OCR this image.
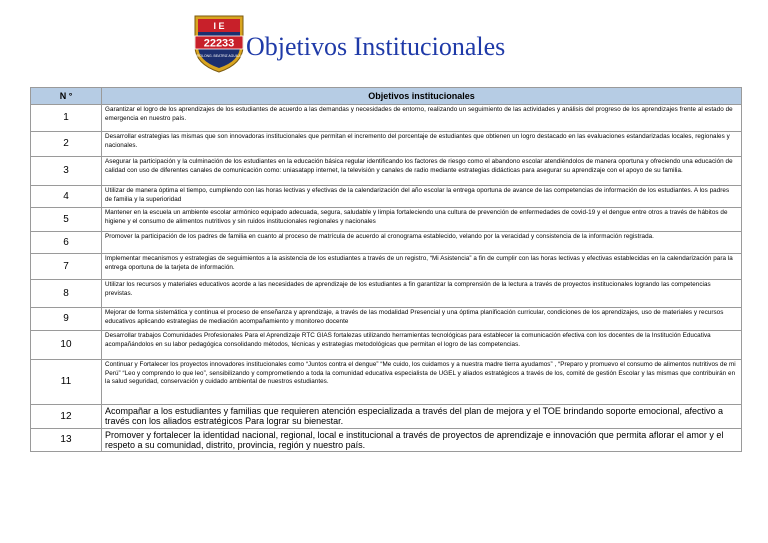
I E
22233
PROLONG. BEATRIZ AGUILAR Objetivos Institucionales
N °	Objetivos institucionales
1	Garantizar el logro de los aprendizajes de los estudiantes de acuerdo a las demandas y necesidades de entorno, realizando un seguimiento de las actividades y análisis del progreso de los aprendizajes frente al estado de emergencia en nuestro país.
2	Desarrollar estrategias las mismas que son innovadoras institucionales que permitan el incremento del porcentaje de estudiantes que obtienen un logro destacado en las evaluaciones estandarizadas locales, regionales y nacionales.
3	Asegurar la participación y la culminación de los estudiantes en la educación básica regular identificando los factores de riesgo como el abandono escolar atendiéndolos de manera oportuna y ofreciendo una educación de calidad con uso de diferentes canales de comunicación como: uniasatapp internet, la televisión y canales de radio mediante estrategias didácticas para asegurar su aprendizaje con el apoyo de su familia.
4	Utilizar de manera óptima el tiempo, cumpliendo con las horas lectivas y efectivas de la calendarización del año escolar la entrega oportuna de avance de las competencias de información de los estudiantes. A los padres de familia y la superioridad
5	Mantener en la escuela un ambiente escolar armónico equipado adecuada, segura, saludable y limpia fortaleciendo una cultura de prevención de enfermedades de covid-19 y el dengue entre otros a través de hábitos de higiene y el consumo de alimentos nutritivos y sin ruidos institucionales regionales y nacionales
6	Promover la participación de los padres de familia en cuanto al proceso de matrícula de acuerdo al cronograma establecido, velando por la veracidad y consistencia de la información registrada.
7	Implementar mecanismos y estrategias de seguimientos a la asistencia de los estudiantes a través de un registro, “Mi Asistencia” a fin de cumplir con las horas lectivas y efectivas establecidas en la calendarización para la entrega oportuna de la tarjeta de información.
8	Utilizar los recursos y materiales educativos acorde a las necesidades de aprendizaje de los estudiantes a fin garantizar la comprensión de la lectura a través de proyectos institucionales logrando las competencias previstas.
9	Mejorar de forma sistemática y continua el proceso de enseñanza y aprendizaje, a través de las modalidad Presencial y una óptima planificación curricular, condiciones de los aprendizajes, uso de materiales y recursos educativos aplicando estrategias de mediación acompañamiento y monitoreo docente
10	Desarrollar trabajos Comunidades Profesionales Para el Aprendizaje RTC GIAS fortalezas utilizando herramientas tecnológicas para establecer la comunicación efectiva con los docentes de la Institución Educativa acompañándolos en su labor pedagógica consolidando métodos, técnicas y estrategias metodológicas que permitan el logro de las competencias.
11	Continuar y Fortalecer los proyectos innovadores institucionales como “Juntos contra el dengue” “Me cuido, los cuidamos y a nuestra madre tierra ayudamos” , “Preparo y promuevo el consumo de alimentos nutritivos de mi Perú” “Leo y comprendo lo que leo”, sensibilizando y comprometiendo a toda la comunidad educativa especialista de UGEL y aliados estratégicos a través de los, comité de gestión Escolar y las mismas que contribuirán en la salud seguridad, conservación y cuidado ambiental de nuestros estudiantes.
12	Acompañar a los estudiantes y familias que requieren atención especializada a través del plan de mejora y el TOE brindando soporte emocional, afectivo a través con los aliados estratégicos Para lograr su bienestar.
13	Promover y fortalecer la identidad nacional, regional, local e institucional a través de proyectos de aprendizaje e innovación que permita aflorar el amor y el respeto a su comunidad, distrito, provincia, región y nuestro país.
